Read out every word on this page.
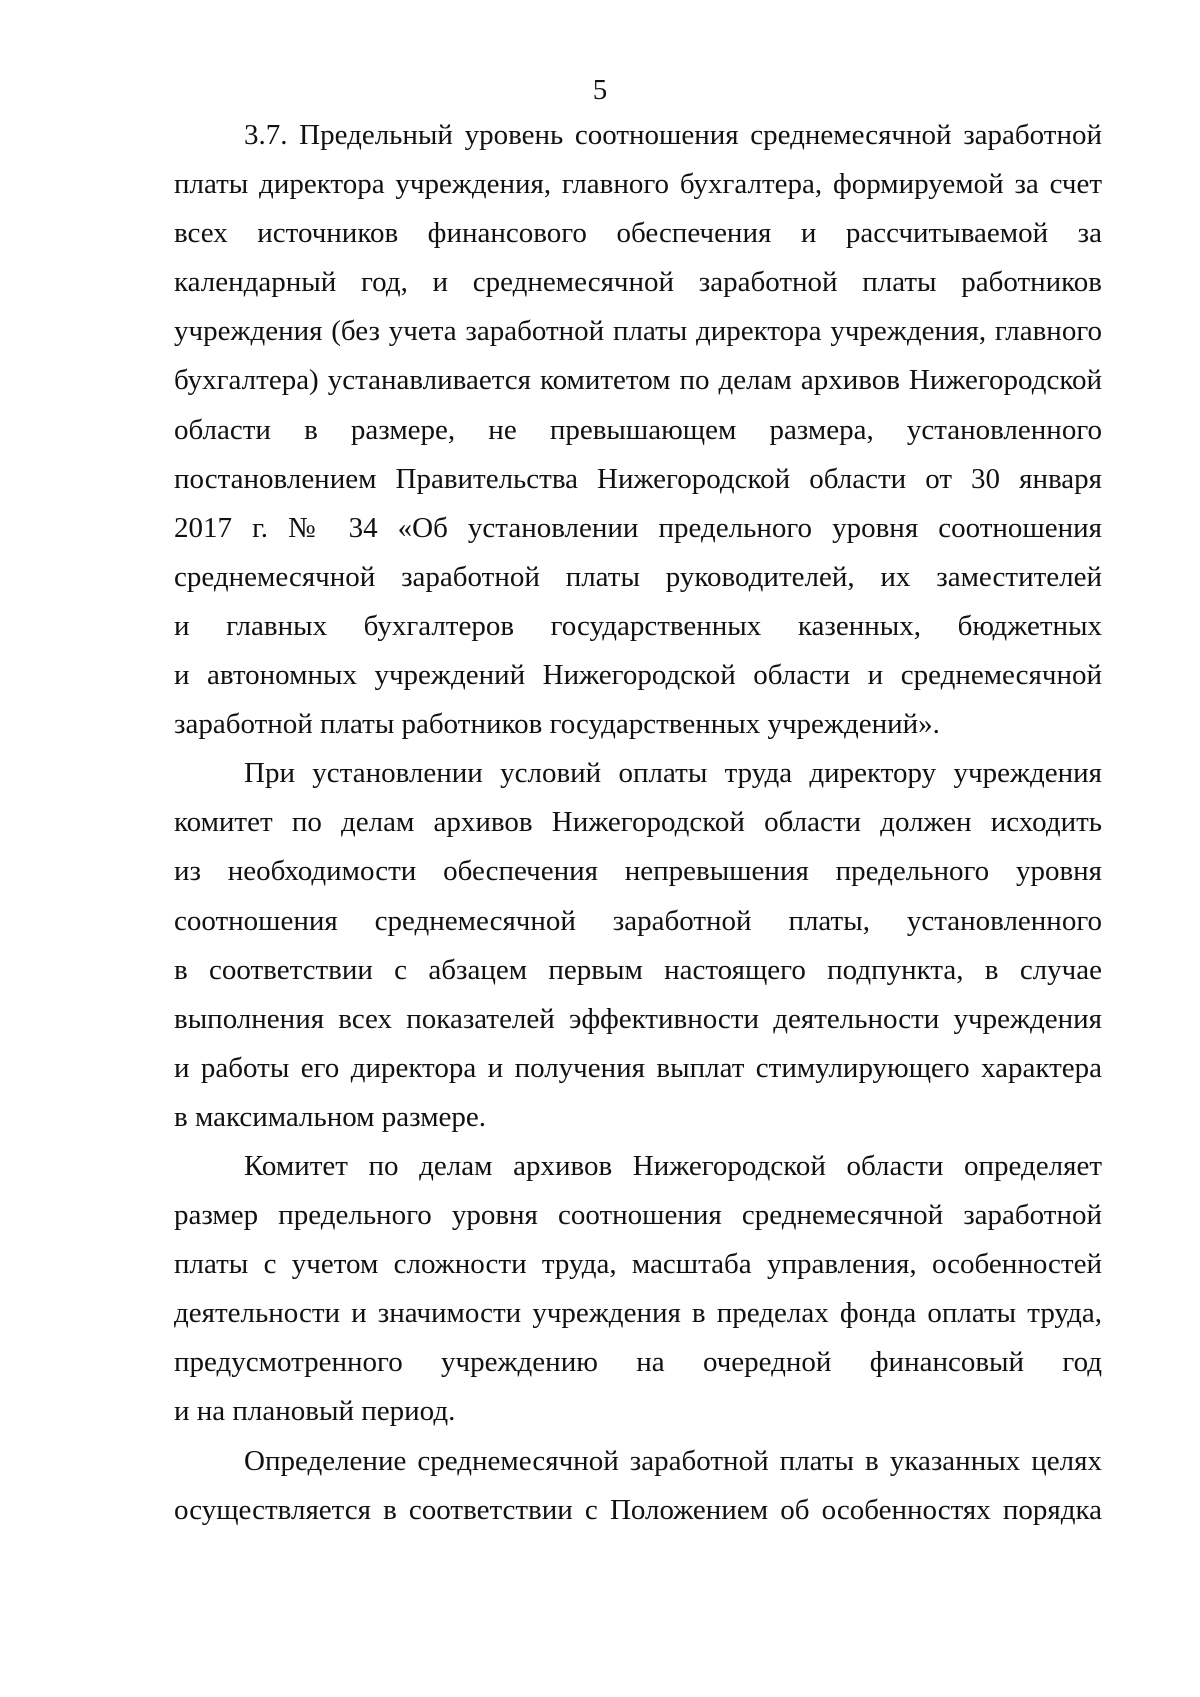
5
3.7. Предельный уровень соотношения среднемесячной заработной
платы директора учреждения, главного бухгалтера, формируемой за счет
всех источников финансового обеспечения и рассчитываемой за
календарный год, и среднемесячной заработной платы работников
учреждения (без учета заработной платы директора учреждения, главного
бухгалтера) устанавливается комитетом по делам архивов Нижегородской
области в размере, не превышающем размера, установленного
постановлением Правительства Нижегородской области от 30 января
2017 г. № 34 «Об установлении предельного уровня соотношения
среднемесячной заработной платы руководителей, их заместителей
и главных бухгалтеров государственных казенных, бюджетных
и автономных учреждений Нижегородской области и среднемесячной
заработной платы работников государственных учреждений».
При установлении условий оплаты труда директору учреждения
комитет по делам архивов Нижегородской области должен исходить
из необходимости обеспечения непревышения предельного уровня
соотношения среднемесячной заработной платы, установленного
в соответствии с абзацем первым настоящего подпункта, в случае
выполнения всех показателей эффективности деятельности учреждения
и работы его директора и получения выплат стимулирующего характера
в максимальном размере.
Комитет по делам архивов Нижегородской области определяет
размер предельного уровня соотношения среднемесячной заработной
платы с учетом сложности труда, масштаба управления, особенностей
деятельности и значимости учреждения в пределах фонда оплаты труда,
предусмотренного учреждению на очередной финансовый год
и на плановый период.
Определение среднемесячной заработной платы в указанных целях
осуществляется в соответствии с Положением об особенностях порядка
